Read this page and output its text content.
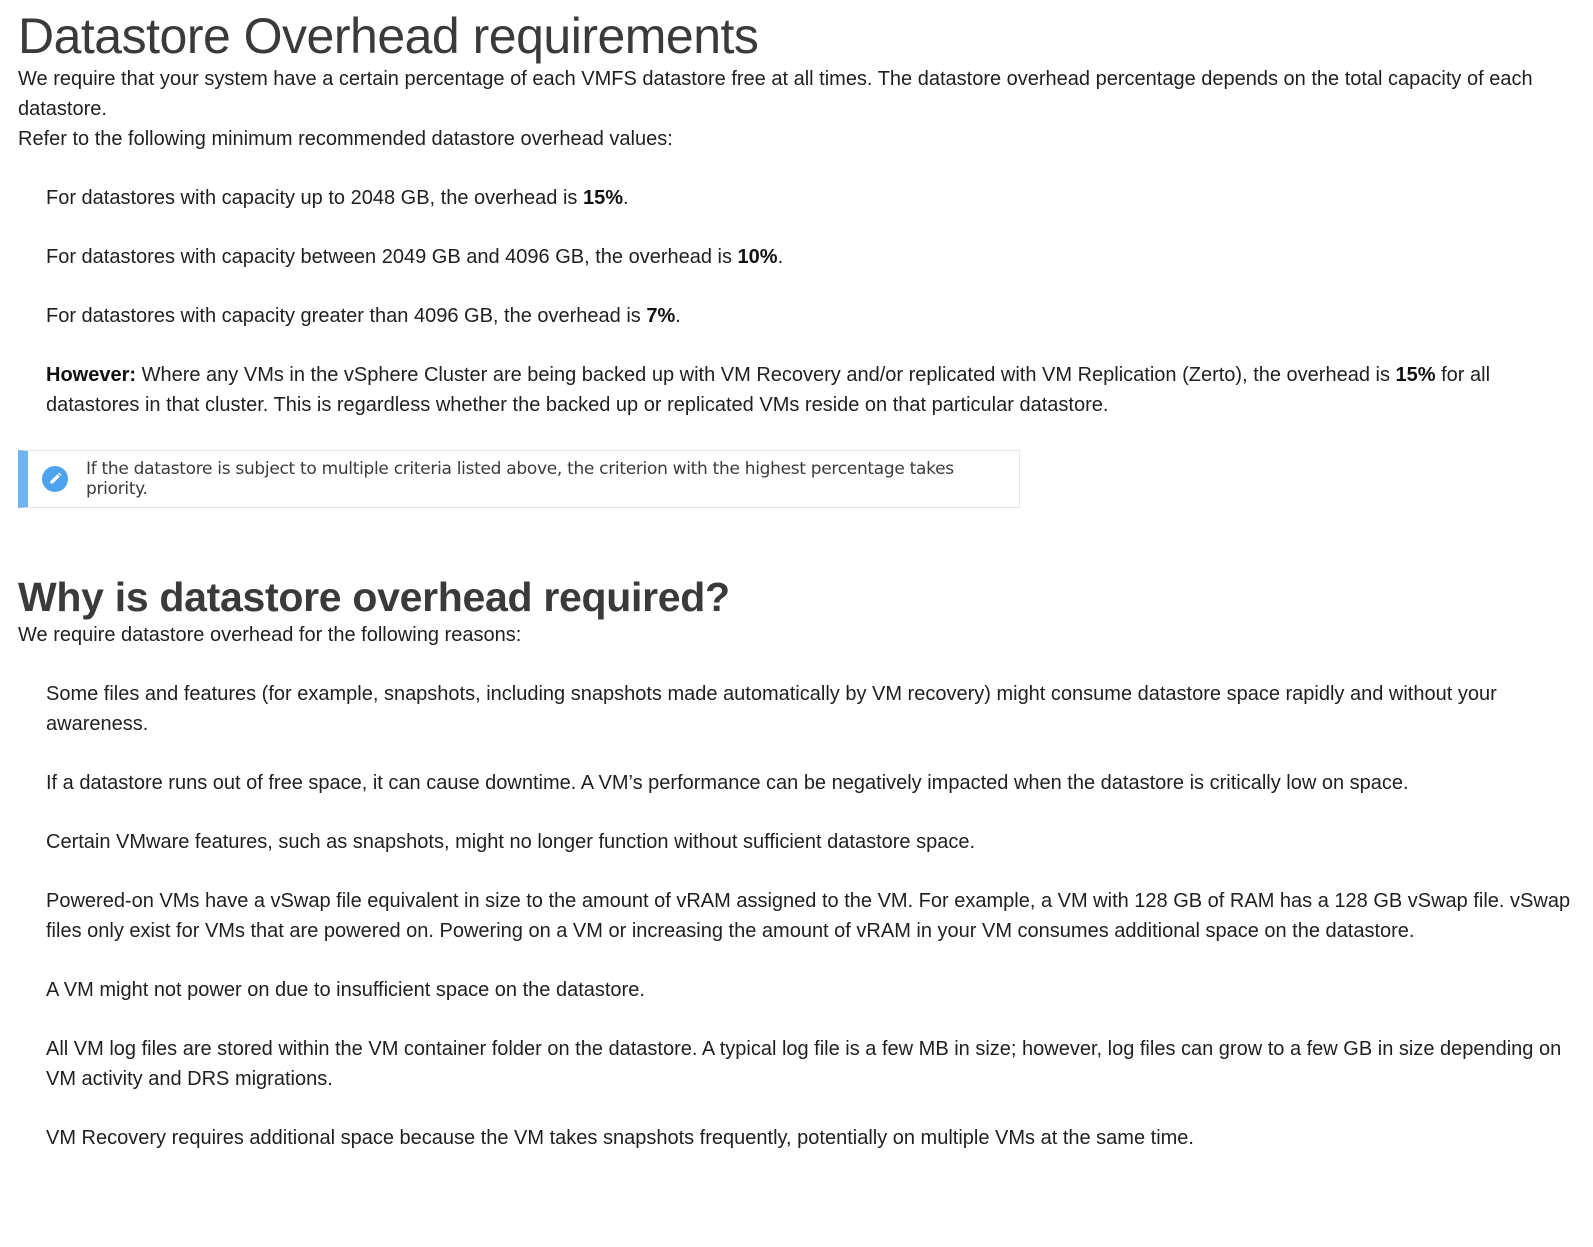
Datastore Overhead requirements

We require that your system have a certain percentage of each VMFS datastore free at all times. The datastore overhead percentage depends on the total capacity of each datastore.

Refer to the following minimum recommended datastore overhead values:

For datastores with capacity up to 2048 GB, the overhead is 15%.

For datastores with capacity between 2049 GB and 4096 GB, the overhead is 10%.

For datastores with capacity greater than 4096 GB, the overhead is 7%.

However: Where any VMs in the vSphere Cluster are being backed up with VM Recovery and/or replicated with VM Replication (Zerto), the overhead is 15% for all datastores in that cluster. This is regardless whether the backed up or replicated VMs reside on that particular datastore.

If the datastore is subject to multiple criteria listed above, the criterion with the highest percentage takes priority.
Why is datastore overhead required?

We require datastore overhead for the following reasons:

Some files and features (for example, snapshots, including snapshots made automatically by VM recovery) might consume datastore space rapidly and without your awareness.

If a datastore runs out of free space, it can cause downtime. A VM’s performance can be negatively impacted when the datastore is critically low on space.

Certain VMware features, such as snapshots, might no longer function without sufficient datastore space.

Powered-on VMs have a vSwap file equivalent in size to the amount of vRAM assigned to the VM. For example, a VM with 128 GB of RAM has a 128 GB vSwap file. vSwap files only exist for VMs that are powered on. Powering on a VM or increasing the amount of vRAM in your VM consumes additional space on the datastore.

A VM might not power on due to insufficient space on the datastore.

All VM log files are stored within the VM container folder on the datastore. A typical log file is a few MB in size; however, log files can grow to a few GB in size depending on VM activity and DRS migrations.

VM Recovery requires additional space because the VM takes snapshots frequently, potentially on multiple VMs at the same time.
